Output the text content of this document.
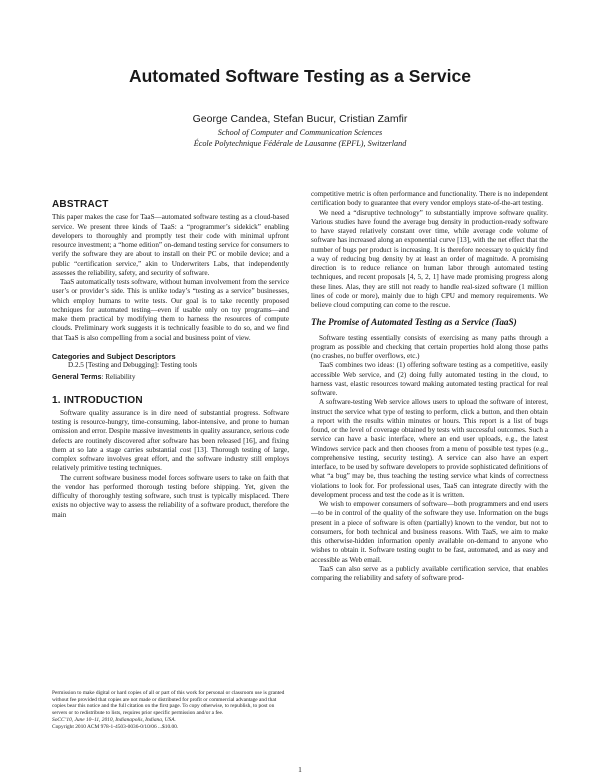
Automated Software Testing as a Service
George Candea, Stefan Bucur, Cristian Zamfir
School of Computer and Communication Sciences
École Polytechnique Fédérale de Lausanne (EPFL), Switzerland
ABSTRACT

This paper makes the case for TaaS—automated software testing as a cloud-based service. We present three kinds of TaaS: a “programmer’s sidekick” enabling developers to thoroughly and promptly test their code with minimal upfront resource investment; a “home edition” on-demand testing service for consumers to verify the software they are about to install on their PC or mobile device; and a public “certification service,” akin to Underwriters Labs, that independently assesses the reliability, safety, and security of software.

TaaS automatically tests software, without human involvement from the service user’s or provider’s side. This is unlike today’s “testing as a service” businesses, which employ humans to write tests. Our goal is to take recently proposed techniques for automated testing—even if usable only on toy programs—and make them practical by modifying them to harness the resources of compute clouds. Preliminary work suggests it is technically feasible to do so, and we find that TaaS is also compelling from a social and business point of view.

Categories and Subject Descriptors

D.2.5 [Testing and Debugging]: Testing tools

General Terms: Reliability

1. INTRODUCTION

Software quality assurance is in dire need of substantial progress. Software testing is resource-hungry, time-consuming, labor-intensive, and prone to human omission and error. Despite massive investments in quality assurance, serious code defects are routinely discovered after software has been released [16], and fixing them at so late a stage carries substantial cost [13]. Thorough testing of large, complex software involves great effort, and the software industry still employs relatively primitive testing techniques.

The current software business model forces software users to take on faith that the vendor has performed thorough testing before shipping. Yet, given the difficulty of thoroughly testing software, such trust is typically misplaced. There exists no objective way to assess the reliability of a software product, therefore the main

Permission to make digital or hard copies of all or part of this work for personal or classroom use is granted without fee provided that copies are not made or distributed for profit or commercial advantage and that copies bear this notice and the full citation on the first page. To copy otherwise, to republish, to post on servers or to redistribute to lists, requires prior specific permission and/or a fee.

SoCC’10, June 10–11, 2010, Indianapolis, Indiana, USA.

Copyright 2010 ACM 978-1-4503-0036-0/10/06 ...$10.00.

competitive metric is often performance and functionality. There is no independent certification body to guarantee that every vendor employs state-of-the-art testing.

We need a “disruptive technology” to substantially improve software quality. Various studies have found the average bug density in production-ready software to have stayed relatively constant over time, while average code volume of software has increased along an exponential curve [13], with the net effect that the number of bugs per product is increasing. It is therefore necessary to quickly find a way of reducing bug density by at least an order of magnitude. A promising direction is to reduce reliance on human labor through automated testing techniques, and recent proposals [4, 5, 2, 1] have made promising progress along these lines. Alas, they are still not ready to handle real-sized software (1 million lines of code or more), mainly due to high CPU and memory requirements. We believe cloud computing can come to the rescue.

The Promise of Automated Testing as a Service (TaaS)

Software testing essentially consists of exercising as many paths through a program as possible and checking that certain properties hold along those paths (no crashes, no buffer overflows, etc.)

TaaS combines two ideas: (1) offering software testing as a competitive, easily accessible Web service, and (2) doing fully automated testing in the cloud, to harness vast, elastic resources toward making automated testing practical for real software.

A software-testing Web service allows users to upload the software of interest, instruct the service what type of testing to perform, click a button, and then obtain a report with the results within minutes or hours. This report is a list of bugs found, or the level of coverage obtained by tests with successful outcomes. Such a service can have a basic interface, where an end user uploads, e.g., the latest Windows service pack and then chooses from a menu of possible test types (e.g., comprehensive testing, security testing). A service can also have an expert interface, to be used by software developers to provide sophisticated definitions of what “a bug” may be, thus teaching the testing service what kinds of correctness violations to look for. For professional uses, TaaS can integrate directly with the development process and test the code as it is written.

We wish to empower consumers of software—both programmers and end users—to be in control of the quality of the software they use. Information on the bugs present in a piece of software is often (partially) known to the vendor, but not to consumers, for both technical and business reasons. With TaaS, we aim to make this otherwise-hidden information openly available on-demand to anyone who wishes to obtain it. Software testing ought to be fast, automated, and as easy and accessible as Web email.

TaaS can also serve as a publicly available certification service, that enables comparing the reliability and safety of software prod-

1
